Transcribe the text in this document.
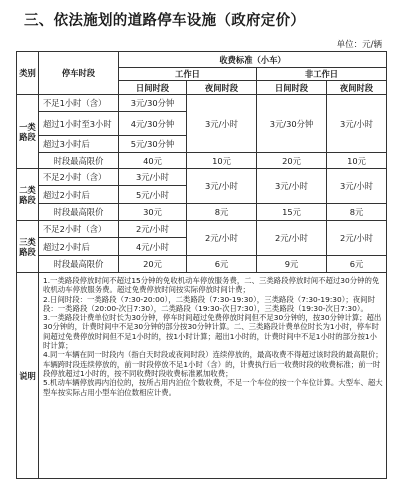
三、依法施划的道路停车设施（政府定价）
单位：元/辆
类别	停车时段	收费标准（小车）			
		工作日		非工作日	
		日间时段	夜间时段	日间时段	夜间时段
一类路段	不足1小时（含）	3元/30分钟	3元/小时	3元/30分钟	3元/小时
	超过1小时至3小时	4元/30分钟			
	超过3小时后	5元/30分钟			
	时段最高限价	40元	10元	20元	10元
二类路段	不足2小时（含）	3元/小时	3元/小时	3元/小时	3元/小时
	超过2小时后	5元/小时			
	时段最高限价	30元	8元	15元	8元
三类路段	不足2小时（含）	2元/小时	2元/小时	2元/小时	2元/小时
	超过2小时后	4元/小时			
	时段最高限价	20元	6元	9元	6元
说明	1.一类路段停放时间不超过15分钟的免收机动车停放服务费，二、三类路段停放时间不超过30分钟的免收机动车停放服务费。超过免费停放时间按实际停放时间计费；

2.日间时段：一类路段（7:30-20:00），二类路段（7:30-19:30），三类路段（7:30-19:30）；夜间时段：一类路段（20:00-次日7:30），二类路段（19:30-次日7:30），三类路段（19:30-次日7:30）。

3.一类路段计费单位时长为30分钟，停车时间超过免费停放时间但不足30分钟的，按30分钟计算；超出30分钟的，计费时间中不足30分钟的部分按30分钟计算。二、三类路段计费单位时长为1小时，停车时间超过免费停放时间但不足1小时的，按1小时计算；超出1小时的，计费时间中不足1小时的部分按1小时计算；

4.同一车辆在同一时段内（指白天时段或夜间时段）连续停放的，最高收费不得超过该时段的最高限价；车辆跨时段连续停放的，前一时段停放不足1小时（含）的，计费执行后一收费时段的收费标准；前一时段停放超过1小时的，按不同收费时段收费标准累加收费；

5.机动车辆停放再内泊位的，按所占用内泊位个数收费，不足一个车位的按一个车位计算。大型车、超大型车按实际占用小型车泊位数相应计费。				
